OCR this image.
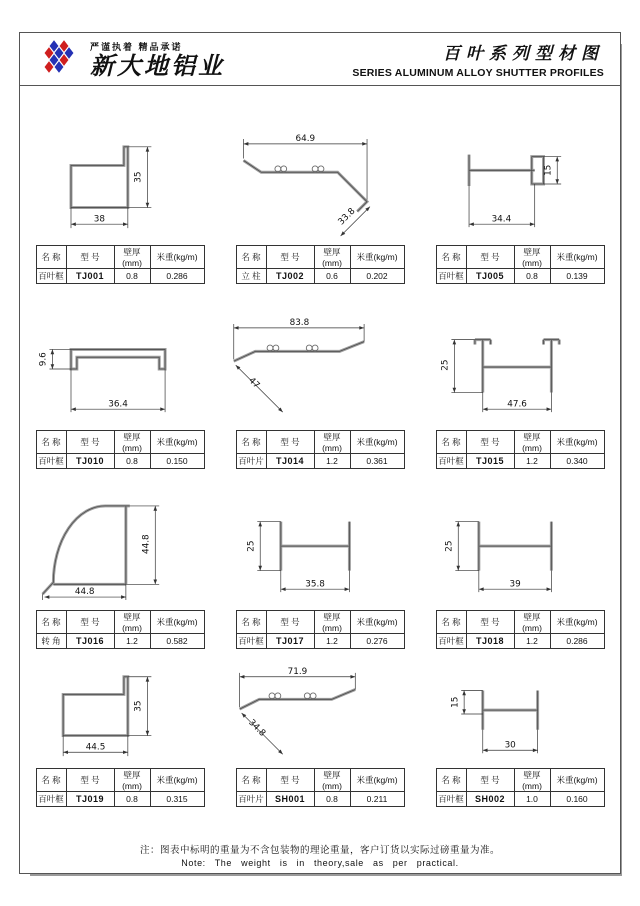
严谨执着 精品承诺
新大地铝业	百叶系列型材图
SERIES ALUMINUM ALLOY SHUTTER PROFILES
35
38
名 称	型 号	壁厚(mm)	米重(kg/m)
百叶框	TJ001	0.8	0.286
64.9
33.8
名 称	型 号	壁厚(mm)	米重(kg/m)
立 柱	TJ002	0.6	0.202
15
34.4
名 称	型 号	壁厚(mm)	米重(kg/m)
百叶框	TJ005	0.8	0.139
9.6
36.4
名 称	型 号	壁厚(mm)	米重(kg/m)
百叶框	TJ010	0.8	0.150
83.8
47
名 称	型 号	壁厚(mm)	米重(kg/m)
百叶片	TJ014	1.2	0.361
25
47.6
名 称	型 号	壁厚(mm)	米重(kg/m)
百叶框	TJ015	1.2	0.340
44.8
44.8
名 称	型 号	壁厚(mm)	米重(kg/m)
转 角	TJ016	1.2	0.582
25
35.8
名 称	型 号	壁厚(mm)	米重(kg/m)
百叶框	TJ017	1.2	0.276
25
39
名 称	型 号	壁厚(mm)	米重(kg/m)
百叶框	TJ018	1.2	0.286
35
44.5
名 称	型 号	壁厚(mm)	米重(kg/m)
百叶框	TJ019	0.8	0.315
71.9
34.8
名 称	型 号	壁厚(mm)	米重(kg/m)
百叶片	SH001	0.8	0.211
15
30
名 称	型 号	壁厚(mm)	米重(kg/m)
百叶框	SH002	1.0	0.160
注：图表中标明的重量为不含包装物的理论重量，客户订货以实际过磅重量为准。
Note: The weight is in theory,sale as per practical.
